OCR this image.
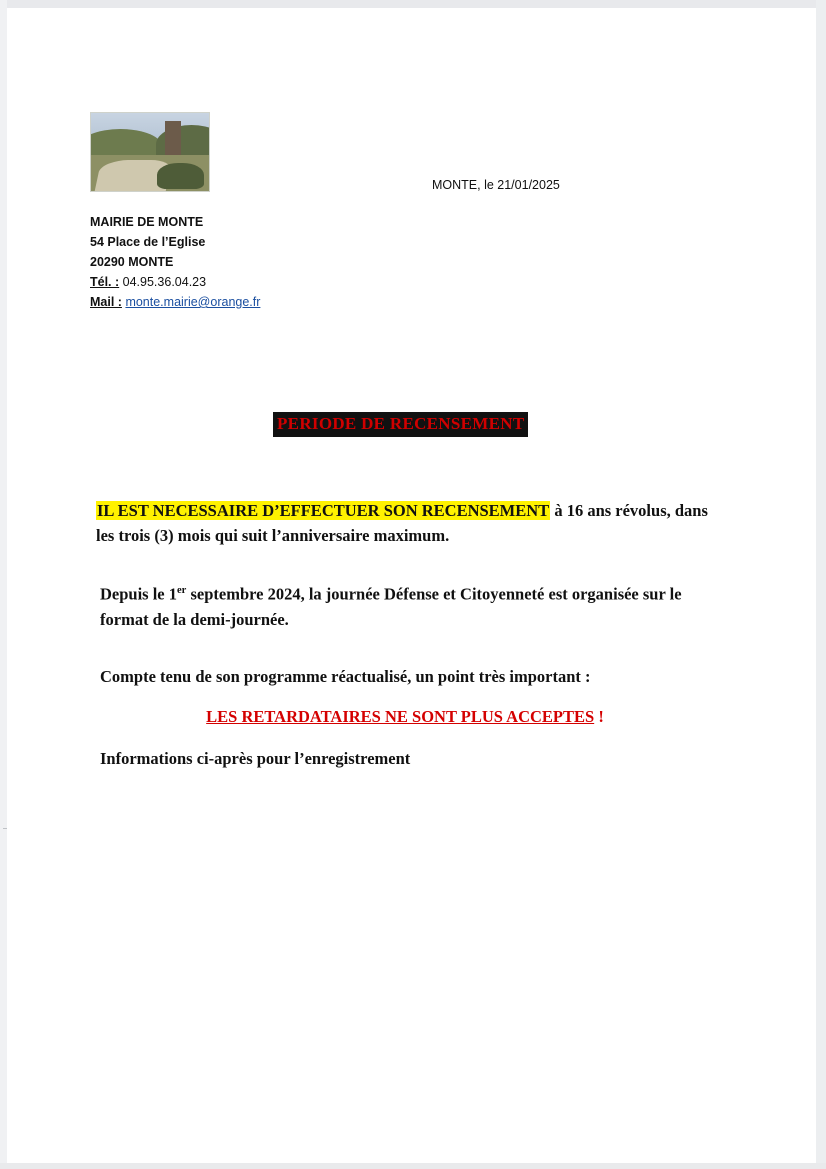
MONTE, le 21/01/2025
MAIRIE DE MONTE
54 Place de l’Eglise
20290 MONTE
Tél. : 04.95.36.04.23
Mail : monte.mairie@orange.fr
PERIODE DE RECENSEMENT

IL EST NECESSAIRE D’EFFECTUER SON RECENSEMENT à 16 ans révolus, dans les trois (3) mois qui suit l’anniversaire maximum.

Depuis le 1er septembre 2024, la journée Défense et Citoyenneté est organisée sur le format de la demi-journée.

Compte tenu de son programme réactualisé, un point très important :

LES RETARDATAIRES NE SONT PLUS ACCEPTES !

Informations ci-après pour l’enregistrement
